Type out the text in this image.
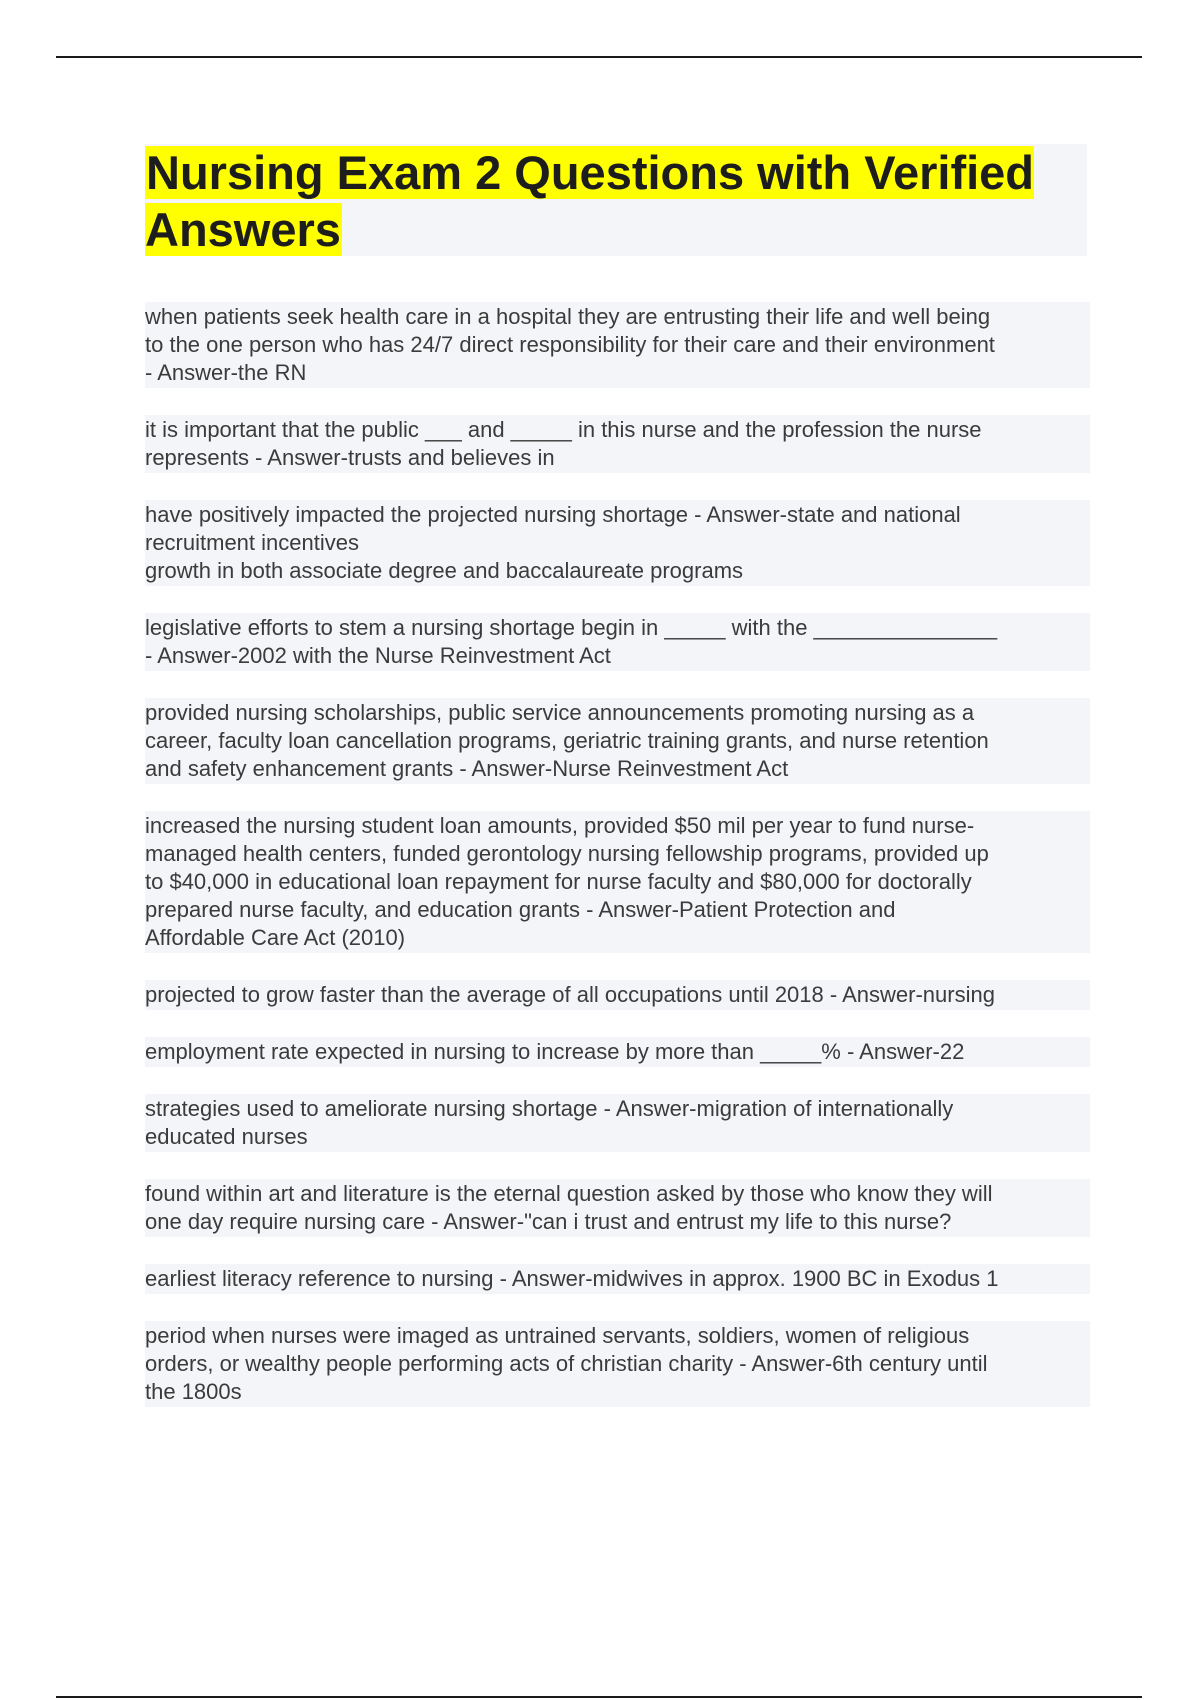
Nursing Exam 2 Questions with Verified Answers
when patients seek health care in a hospital they are entrusting their life and well being
to the one person who has 24/7 direct responsibility for their care and their environment
- Answer-the RN
it is important that the public ___ and _____ in this nurse and the profession the nurse
represents - Answer-trusts and believes in
have positively impacted the projected nursing shortage - Answer-state and national
recruitment incentives
growth in both associate degree and baccalaureate programs
legislative efforts to stem a nursing shortage begin in _____ with the _______________
- Answer-2002 with the Nurse Reinvestment Act
provided nursing scholarships, public service announcements promoting nursing as a
career, faculty loan cancellation programs, geriatric training grants, and nurse retention
and safety enhancement grants - Answer-Nurse Reinvestment Act
increased the nursing student loan amounts, provided $50 mil per year to fund nurse-
managed health centers, funded gerontology nursing fellowship programs, provided up
to $40,000 in educational loan repayment for nurse faculty and $80,000 for doctorally
prepared nurse faculty, and education grants - Answer-Patient Protection and
Affordable Care Act (2010)
projected to grow faster than the average of all occupations until 2018 - Answer-nursing
employment rate expected in nursing to increase by more than _____% - Answer-22
strategies used to ameliorate nursing shortage - Answer-migration of internationally
educated nurses
found within art and literature is the eternal question asked by those who know they will
one day require nursing care - Answer-"can i trust and entrust my life to this nurse?
earliest literacy reference to nursing - Answer-midwives in approx. 1900 BC in Exodus 1
period when nurses were imaged as untrained servants, soldiers, women of religious
orders, or wealthy people performing acts of christian charity - Answer-6th century until
the 1800s
